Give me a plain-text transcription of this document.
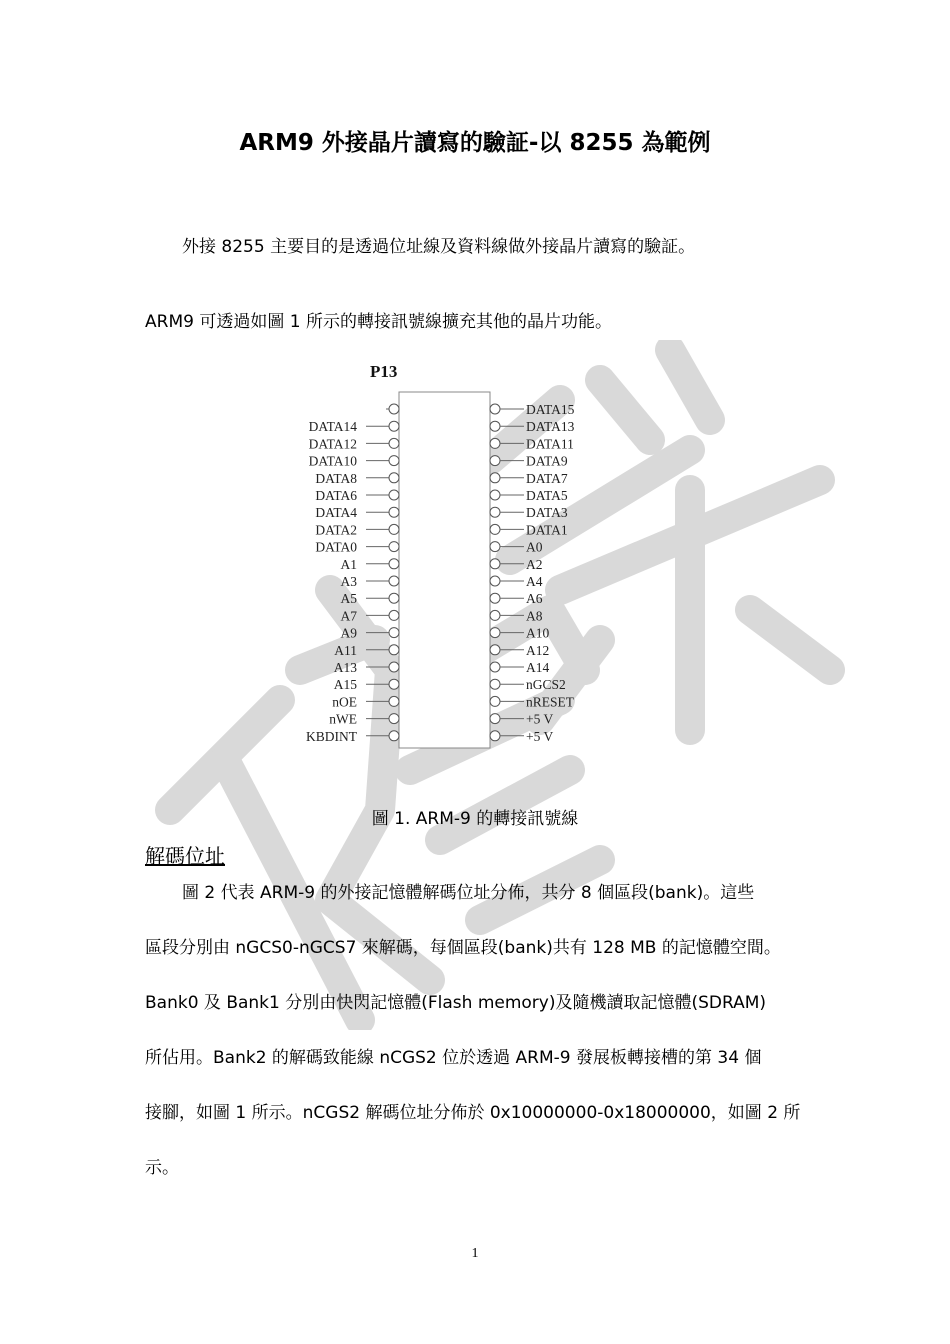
ARM9 外接晶片讀寫的驗証-以 8255 為範例
外接 8255 主要目的是透過位址線及資料線做外接晶片讀寫的驗証。
ARM9 可透過如圖 1 所示的轉接訊號線擴充其他的晶片功能。
P13
DATA14
DATA12
DATA10
DATA8
DATA6
DATA4
DATA2
DATA0
A1
A3
A5
A7
A9
A11
A13
A15
nOE
nWE
KBDINT
DATA15
DATA13
DATA11
DATA9
DATA7
DATA5
DATA3
DATA1
A0
A2
A4
A6
A8
A10
A12
A14
nGCS2
nRESET
+5 V
+5 V
圖 1. ARM-9 的轉接訊號線
解碼位址
圖 2 代表 ARM-9 的外接記憶體解碼位址分佈，共分 8 個區段(bank)。這些
區段分別由 nGCS0-nGCS7 來解碼，每個區段(bank)共有 128 MB 的記憶體空間。
Bank0 及 Bank1 分別由快閃記憶體(Flash memory)及隨機讀取記憶體(SDRAM)
所佔用。Bank2 的解碼致能線 nCGS2 位於透過 ARM-9 發展板轉接槽的第 34 個
接腳，如圖 1 所示。nCGS2 解碼位址分佈於 0x10000000-0x18000000，如圖 2 所
示。
1
